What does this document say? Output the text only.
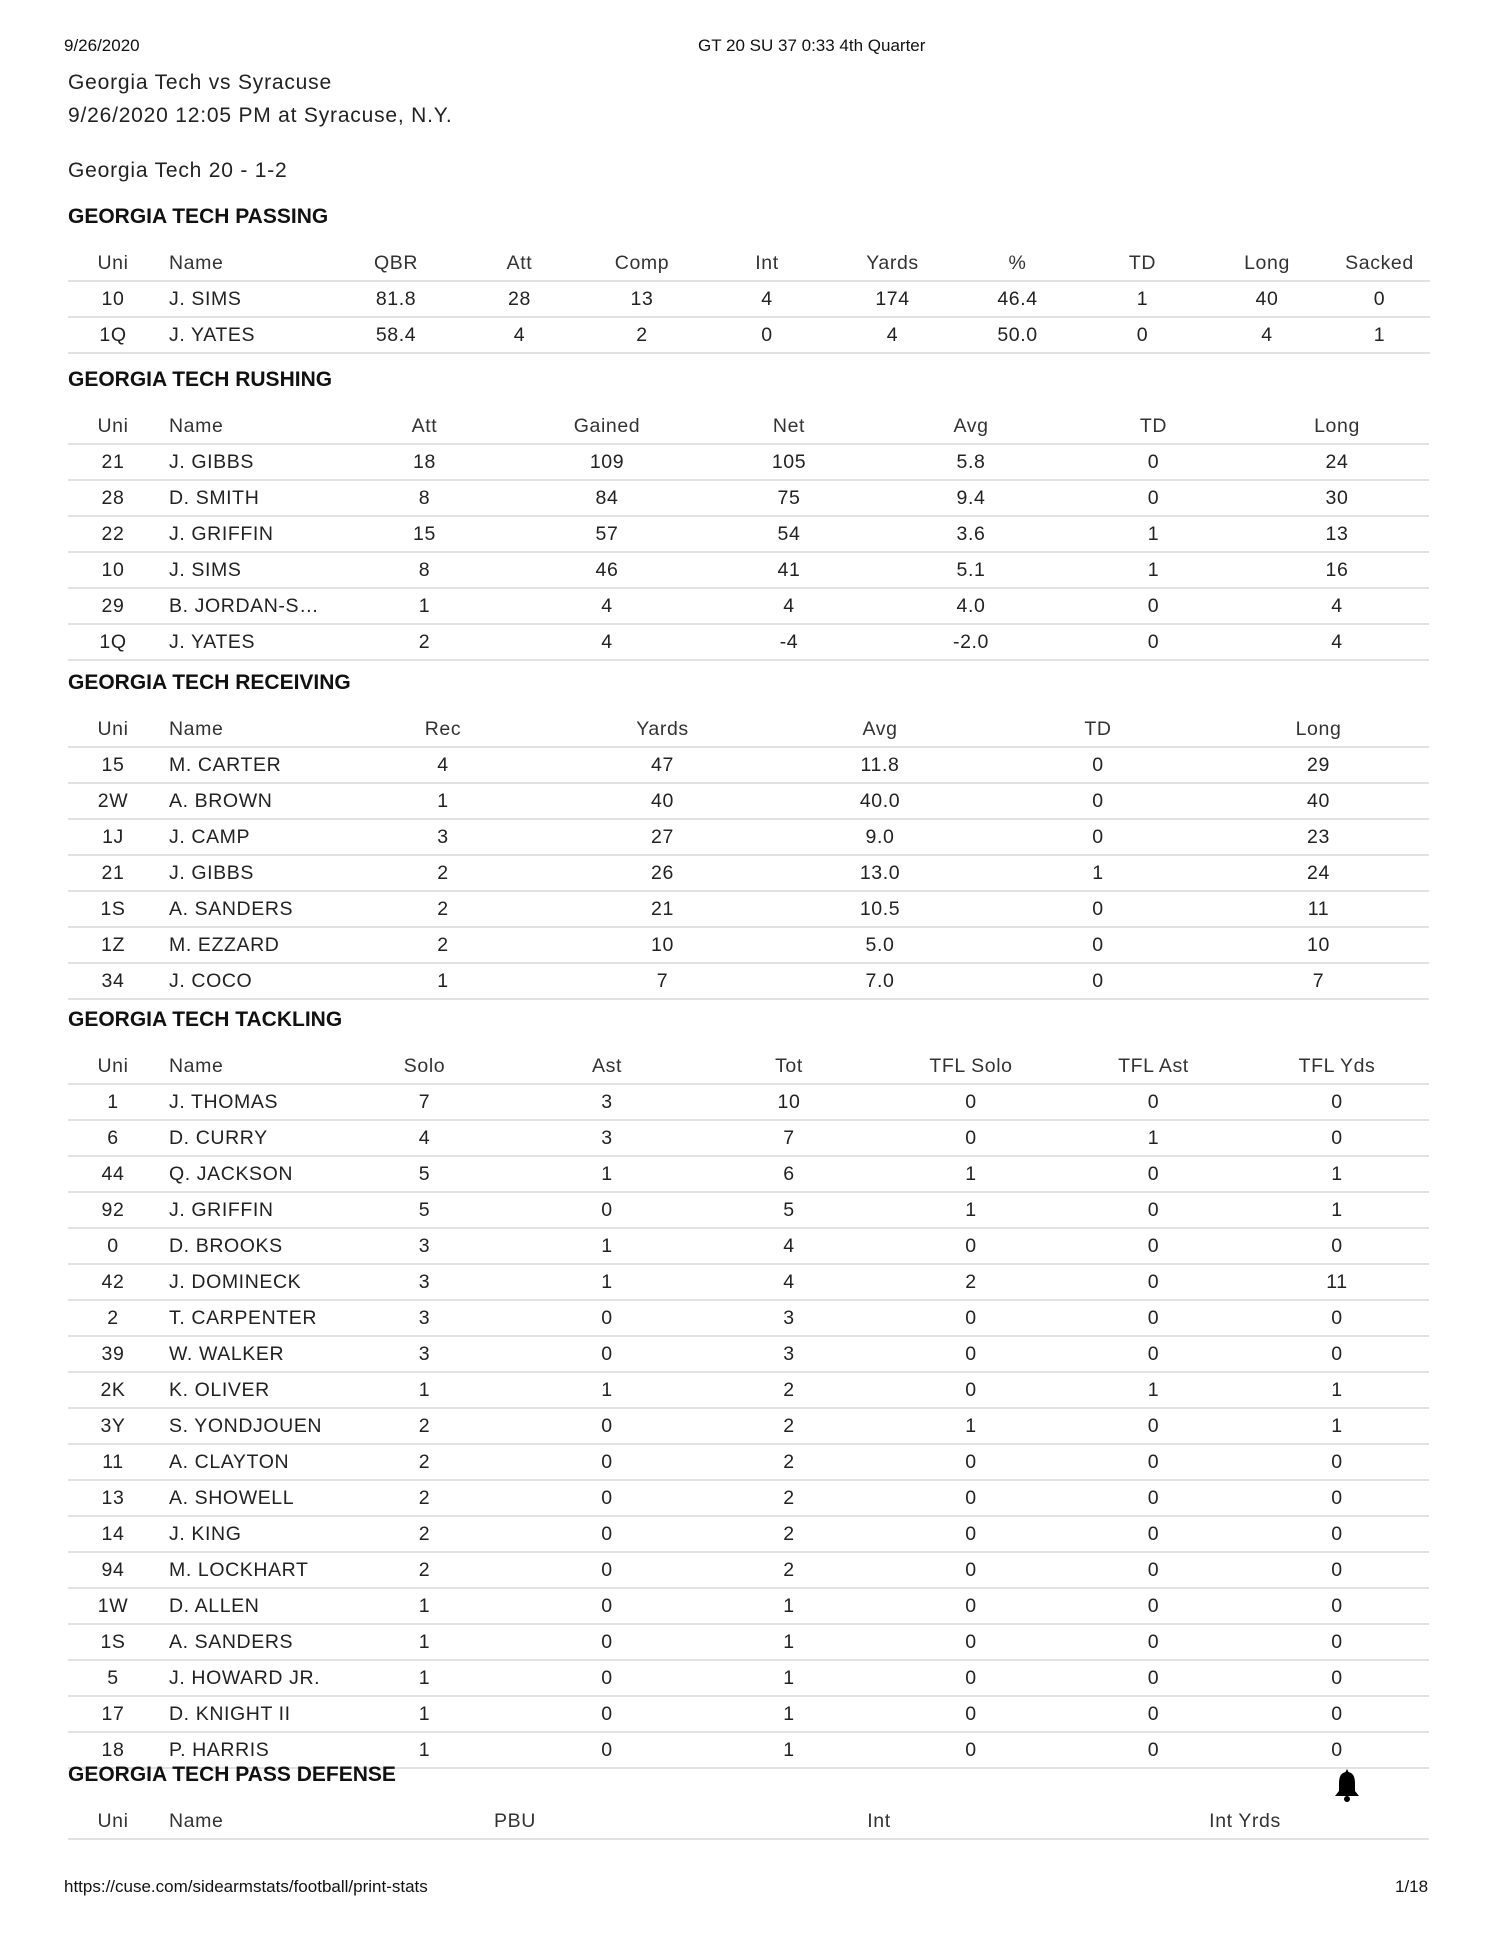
9/26/2020	GT 20 SU 37 0:33 4th Quarter
Georgia Tech vs Syracuse
9/26/2020 12:05 PM at Syracuse, N.Y.
Georgia Tech 20 - 1-2
GEORGIA TECH PASSING
Uni	Name	QBR	Att	Comp	Int	Yards	%	TD	Long	Sacked
10	J. SIMS	81.8	28	13	4	174	46.4	1	40	0
1Q	J. YATES	58.4	4	2	0	4	50.0	0	4	1
GEORGIA TECH RUSHING
Uni	Name	Att	Gained	Net	Avg	TD	Long
21	J. GIBBS	18	109	105	5.8	0	24
28	D. SMITH	8	84	75	9.4	0	30
22	J. GRIFFIN	15	57	54	3.6	1	13
10	J. SIMS	8	46	41	5.1	1	16
29	B. JORDAN-S…	1	4	4	4.0	0	4
1Q	J. YATES	2	4	-4	-2.0	0	4
GEORGIA TECH RECEIVING
Uni	Name	Rec	Yards	Avg	TD	Long
15	M. CARTER	4	47	11.8	0	29
2W	A. BROWN	1	40	40.0	0	40
1J	J. CAMP	3	27	9.0	0	23
21	J. GIBBS	2	26	13.0	1	24
1S	A. SANDERS	2	21	10.5	0	11
1Z	M. EZZARD	2	10	5.0	0	10
34	J. COCO	1	7	7.0	0	7
GEORGIA TECH TACKLING
Uni	Name	Solo	Ast	Tot	TFL Solo	TFL Ast	TFL Yds
1	J. THOMAS	7	3	10	0	0	0
6	D. CURRY	4	3	7	0	1	0
44	Q. JACKSON	5	1	6	1	0	1
92	J. GRIFFIN	5	0	5	1	0	1
0	D. BROOKS	3	1	4	0	0	0
42	J. DOMINECK	3	1	4	2	0	11
2	T. CARPENTER	3	0	3	0	0	0
39	W. WALKER	3	0	3	0	0	0
2K	K. OLIVER	1	1	2	0	1	1
3Y	S. YONDJOUEN	2	0	2	1	0	1
11	A. CLAYTON	2	0	2	0	0	0
13	A. SHOWELL	2	0	2	0	0	0
14	J. KING	2	0	2	0	0	0
94	M. LOCKHART	2	0	2	0	0	0
1W	D. ALLEN	1	0	1	0	0	0
1S	A. SANDERS	1	0	1	0	0	0
5	J. HOWARD JR.	1	0	1	0	0	0
17	D. KNIGHT II	1	0	1	0	0	0
18	P. HARRIS	1	0	1	0	0	0
GEORGIA TECH PASS DEFENSE
Uni	Name	PBU	Int	Int Yrds
https://cuse.com/sidearmstats/football/print-stats	1/18
